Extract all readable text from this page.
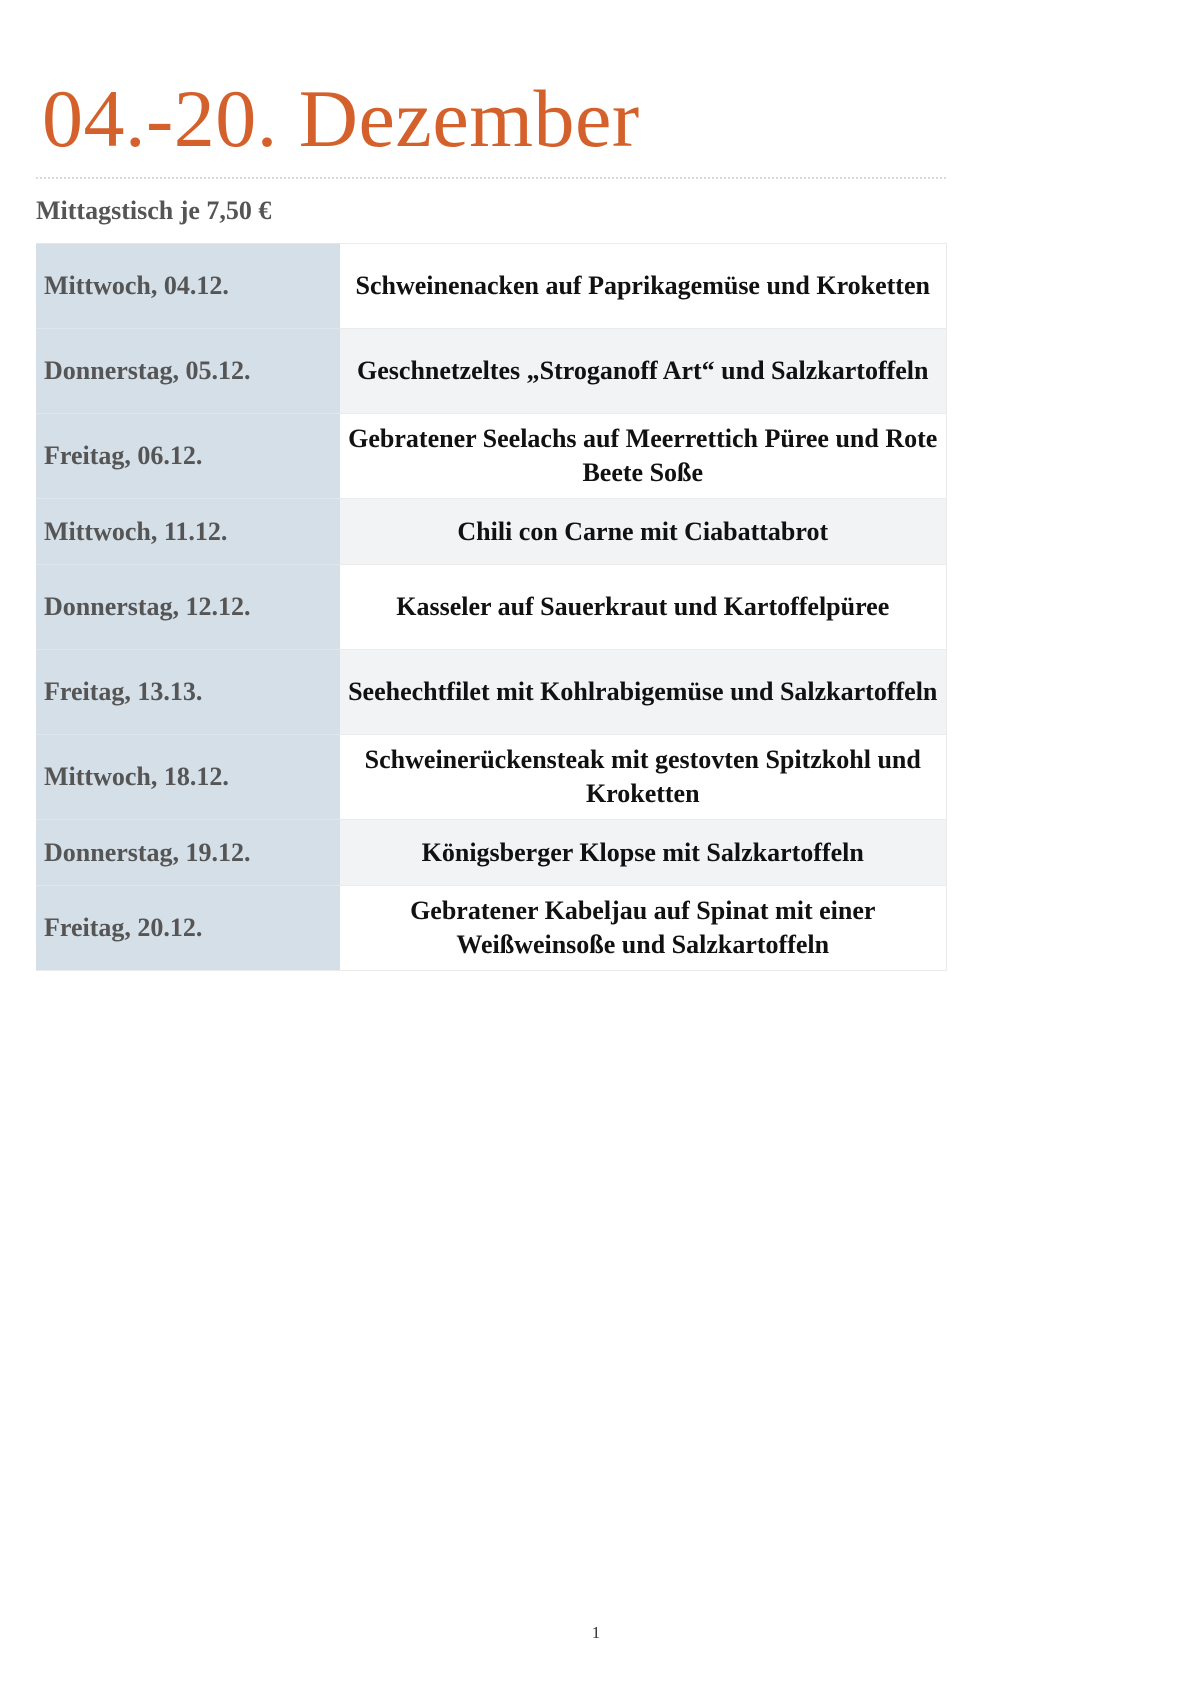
04.-20. Dezember

Mittagstisch je 7,50 €

Mittwoch, 04.12.	Schweinenacken auf Paprikagemüse und Kroketten
Donnerstag, 05.12.	Geschnetzeltes „Stroganoff Art“ und Salzkartoffeln
Freitag, 06.12.	Gebratener Seelachs auf Meerrettich Püree und Rote Beete Soße
Mittwoch, 11.12.	Chili con Carne mit Ciabattabrot
Donnerstag, 12.12.	Kasseler auf Sauerkraut und Kartoffelpüree
Freitag, 13.13.	Seehechtfilet mit Kohlrabigemüse und Salzkartoffeln
Mittwoch, 18.12.	Schweinerückensteak mit gestovten Spitzkohl und Kroketten
Donnerstag, 19.12.	Königsberger Klopse mit Salzkartoffeln
Freitag, 20.12.	Gebratener Kabeljau auf Spinat mit einer Weißweinsoße und Salzkartoffeln
1
